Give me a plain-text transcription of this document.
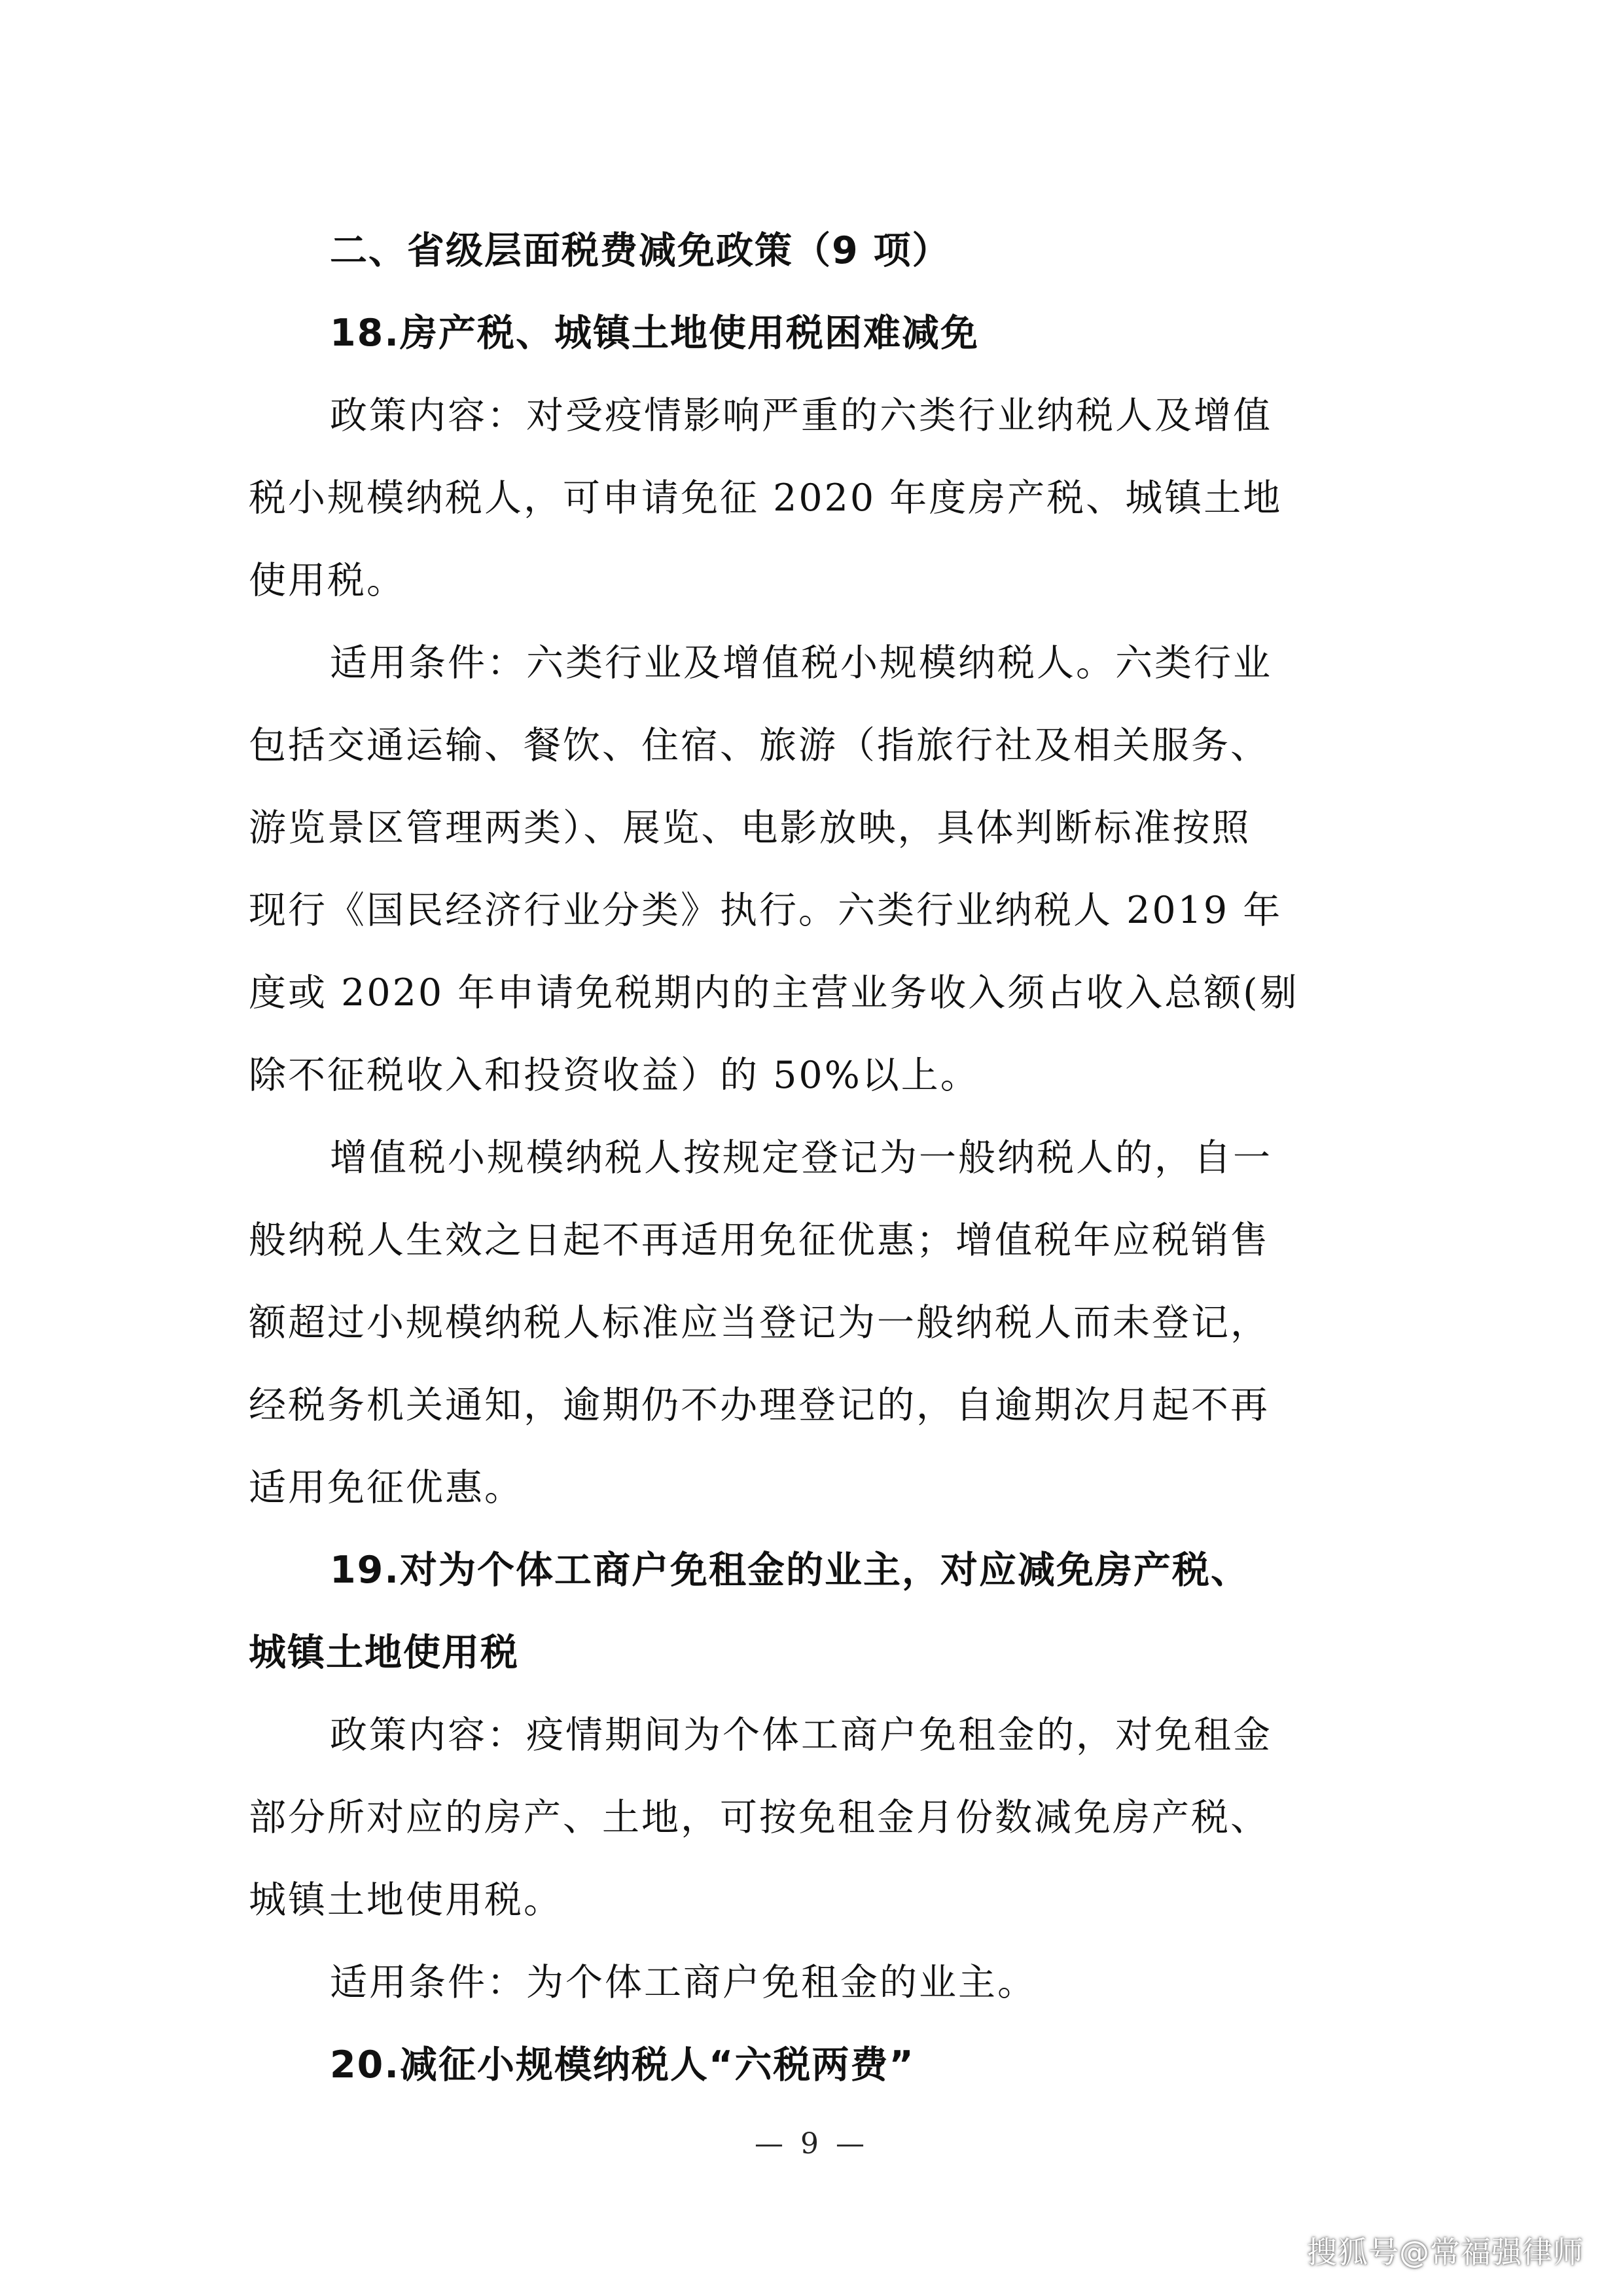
二、省级层面税费减免政策（9 项）
18.房产税、城镇土地使用税困难减免
政策内容：对受疫情影响严重的六类行业纳税人及增值
税小规模纳税人，可申请免征 2020 年度房产税、城镇土地
使用税。
适用条件：六类行业及增值税小规模纳税人。六类行业
包括交通运输、餐饮、住宿、旅游（指旅行社及相关服务、
游览景区管理两类）、展览、电影放映，具体判断标准按照
现行《国民经济行业分类》执行。六类行业纳税人 2019 年
度或 2020 年申请免税期内的主营业务收入须占收入总额(剔
除不征税收入和投资收益）的 50%以上。
增值税小规模纳税人按规定登记为一般纳税人的，自一
般纳税人生效之日起不再适用免征优惠；增值税年应税销售
额超过小规模纳税人标准应当登记为一般纳税人而未登记，
经税务机关通知，逾期仍不办理登记的，自逾期次月起不再
适用免征优惠。
19.对为个体工商户免租金的业主，对应减免房产税、
城镇土地使用税
政策内容：疫情期间为个体工商户免租金的，对免租金
部分所对应的房产、土地，可按免租金月份数减免房产税、
城镇土地使用税。
适用条件：为个体工商户免租金的业主。
20.减征小规模纳税人“六税两费”
— 9 —
搜狐号@常福强律师
